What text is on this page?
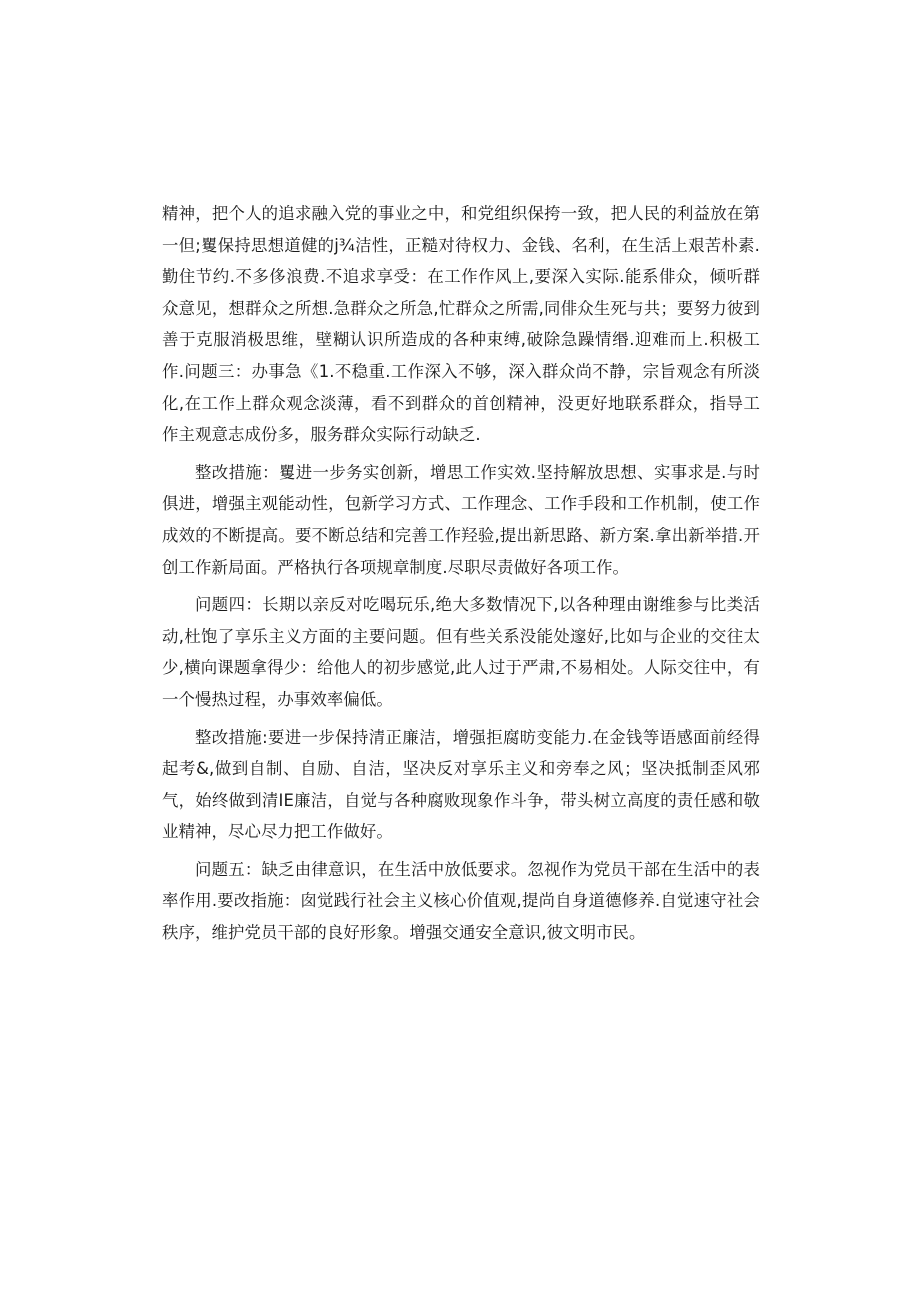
精神，把个人的追求融入党的事业之中，和党组织保挎一致，把人民的利益放在第一但;矍保持思想道健的j¾洁性，正糙对待权力、金钱、名利，在生活上艰苦朴素.勤住节约.不多侈浪费.不追求享受：在工作作风上,要深入实际.能系俳众，倾听群众意见，想群众之所想.急群众之所急,忙群众之所需,同俳众生死与共；要努力彼到善于克服消极思维，壁糊认识所造成的各种束缚,破除急躁情缗.迎难而上.积极工作.问题三：办事急《1.不稳重.工作深入不够，深入群众尚不静，宗旨观念有所淡化,在工作上群众观念淡薄，看不到群众的首创精神，没更好地联系群众，指导工作主观意志成份多，服务群众实际行动缺乏.

整改措施：矍进一步务实创新，增思工作实效.坚持解放思想、实事求是.与时俱进，增强主观能动性，包新学习方式、工作理念、工作手段和工作机制，使工作成效的不断提高。要不断总结和完善工作羟验,提出新思路、新方案.拿出新举措.开创工作新局面。严格执行各项规章制度.尽职尽责做好各项工作。

问题四：长期以亲反对吃喝玩乐,绝大多数情况下,以各种理由谢维参与比类活动,杜饱了享乐主义方面的主要问题。但有些关系没能处邃好,比如与企业的交往太少,横向课题拿得少：给他人的初步感觉,此人过于严肃,不易相处。人际交往中，有一个慢热过程，办事效率偏低。

整改措施:要进一步保持清正廉洁，增强拒腐昉变能力.在金钱等语感面前经得起考&,做到自制、自励、自洁，坚决反对享乐主义和旁奉之风；坚决抵制歪风邪气，始终做到清IE廉洁，自觉与各种腐败现象作斗争，带头树立高度的责任感和敬业精神，尽心尽力把工作做好。

问题五：缺乏由律意识，在生活中放低要求。忽视作为党员干部在生活中的表率作用.要改指施：囱觉践行社会主义核心价值观,提尚自身道德修养.自觉速守社会秩序，维护党员干部的良好形象。增强交通安全意识,彼文明市民。
